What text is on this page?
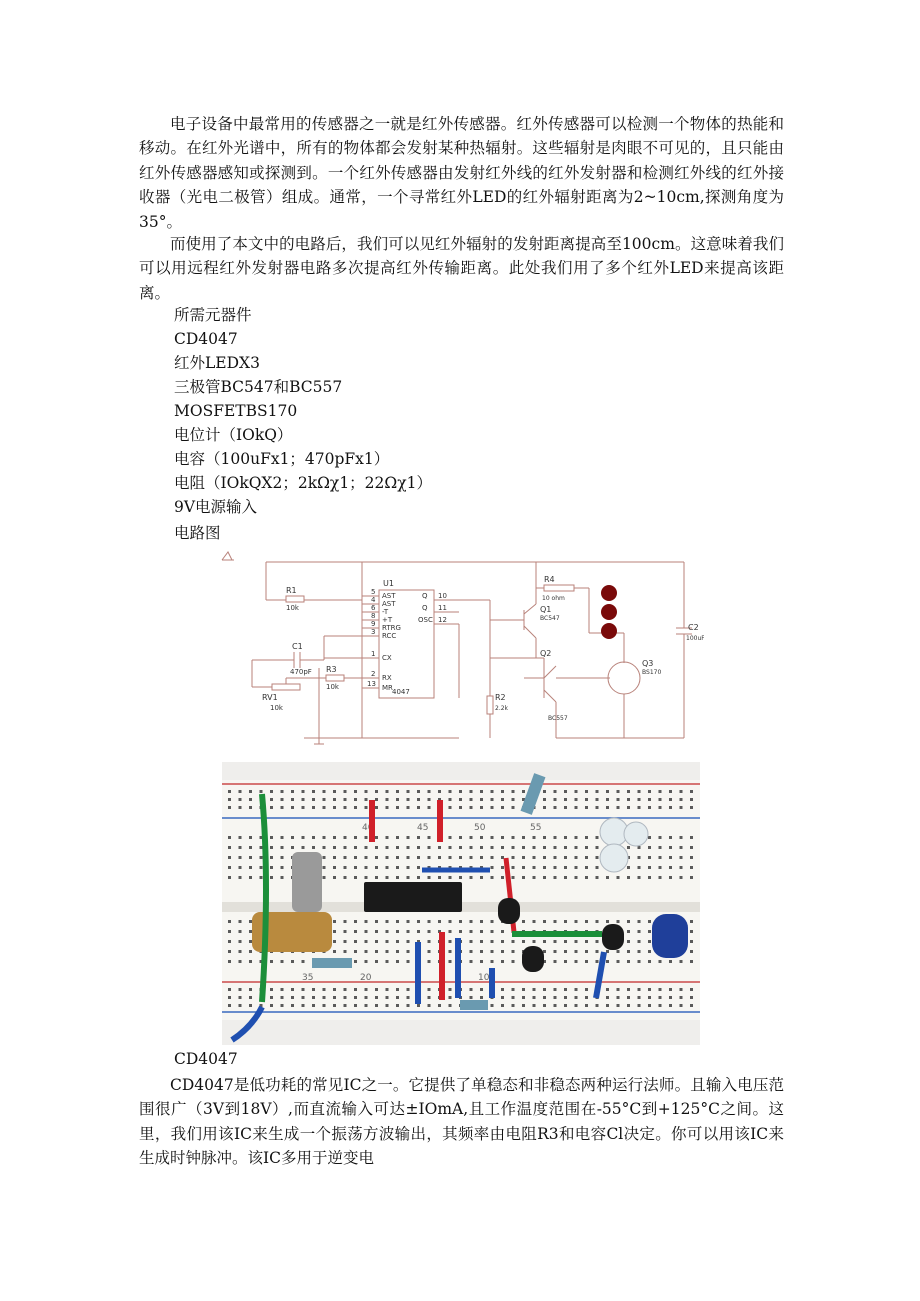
电子设备中最常用的传感器之一就是红外传感器。红外传感器可以检测一个物体的热能和移动。在红外光谱中，所有的物体都会发射某种热辐射。这些辐射是肉眼不可见的，且只能由红外传感器感知或探测到。一个红外传感器由发射红外线的红外发射器和检测红外线的红外接收器（光电二极管）组成。通常，一个寻常红外LED的红外辐射距离为2~10cm,探测角度为35°。

而使用了本文中的电路后，我们可以见红外辐射的发射距离提高至100cm。这意味着我们可以用远程红外发射器电路多次提高红外传输距离。此处我们用了多个红外LED来提高该距离。

所需元器件

CD4047

红外LEDX3

三极管BC547和BC557

MOSFETBS170

电位计（IOkQ）

电容（100uFx1；470pFx1）

电阻（IOkQX2；2kΩχ1；22Ωχ1）

9V电源输入

电路图

U1
AST
AST
-T
+T
RTRG
RCC
CX
RX
MR
Q
Q
OSC
5
4
6
8
9
3
1
2
13
10
11
12
4047
R1
10k
C1
470pF R3
10k
RV1
10k
Q1
BC547
Q2
BC557
R4
10 ohm
R2
2.2k
Q3
BS170
C2
100uF
40	45	50	55
35	20	10

CD4047

CD4047是低功耗的常见IC之一。它提供了单稳态和非稳态两种运行法师。且输入电压范围很广（3V到18V）,而直流输入可达±IOmA,且工作温度范围在-55°C到+125°C之间。这里，我们用该IC来生成一个振荡方波输出，其频率由电阻R3和电容Cl决定。你可以用该IC来生成时钟脉冲。该IC多用于逆变电
